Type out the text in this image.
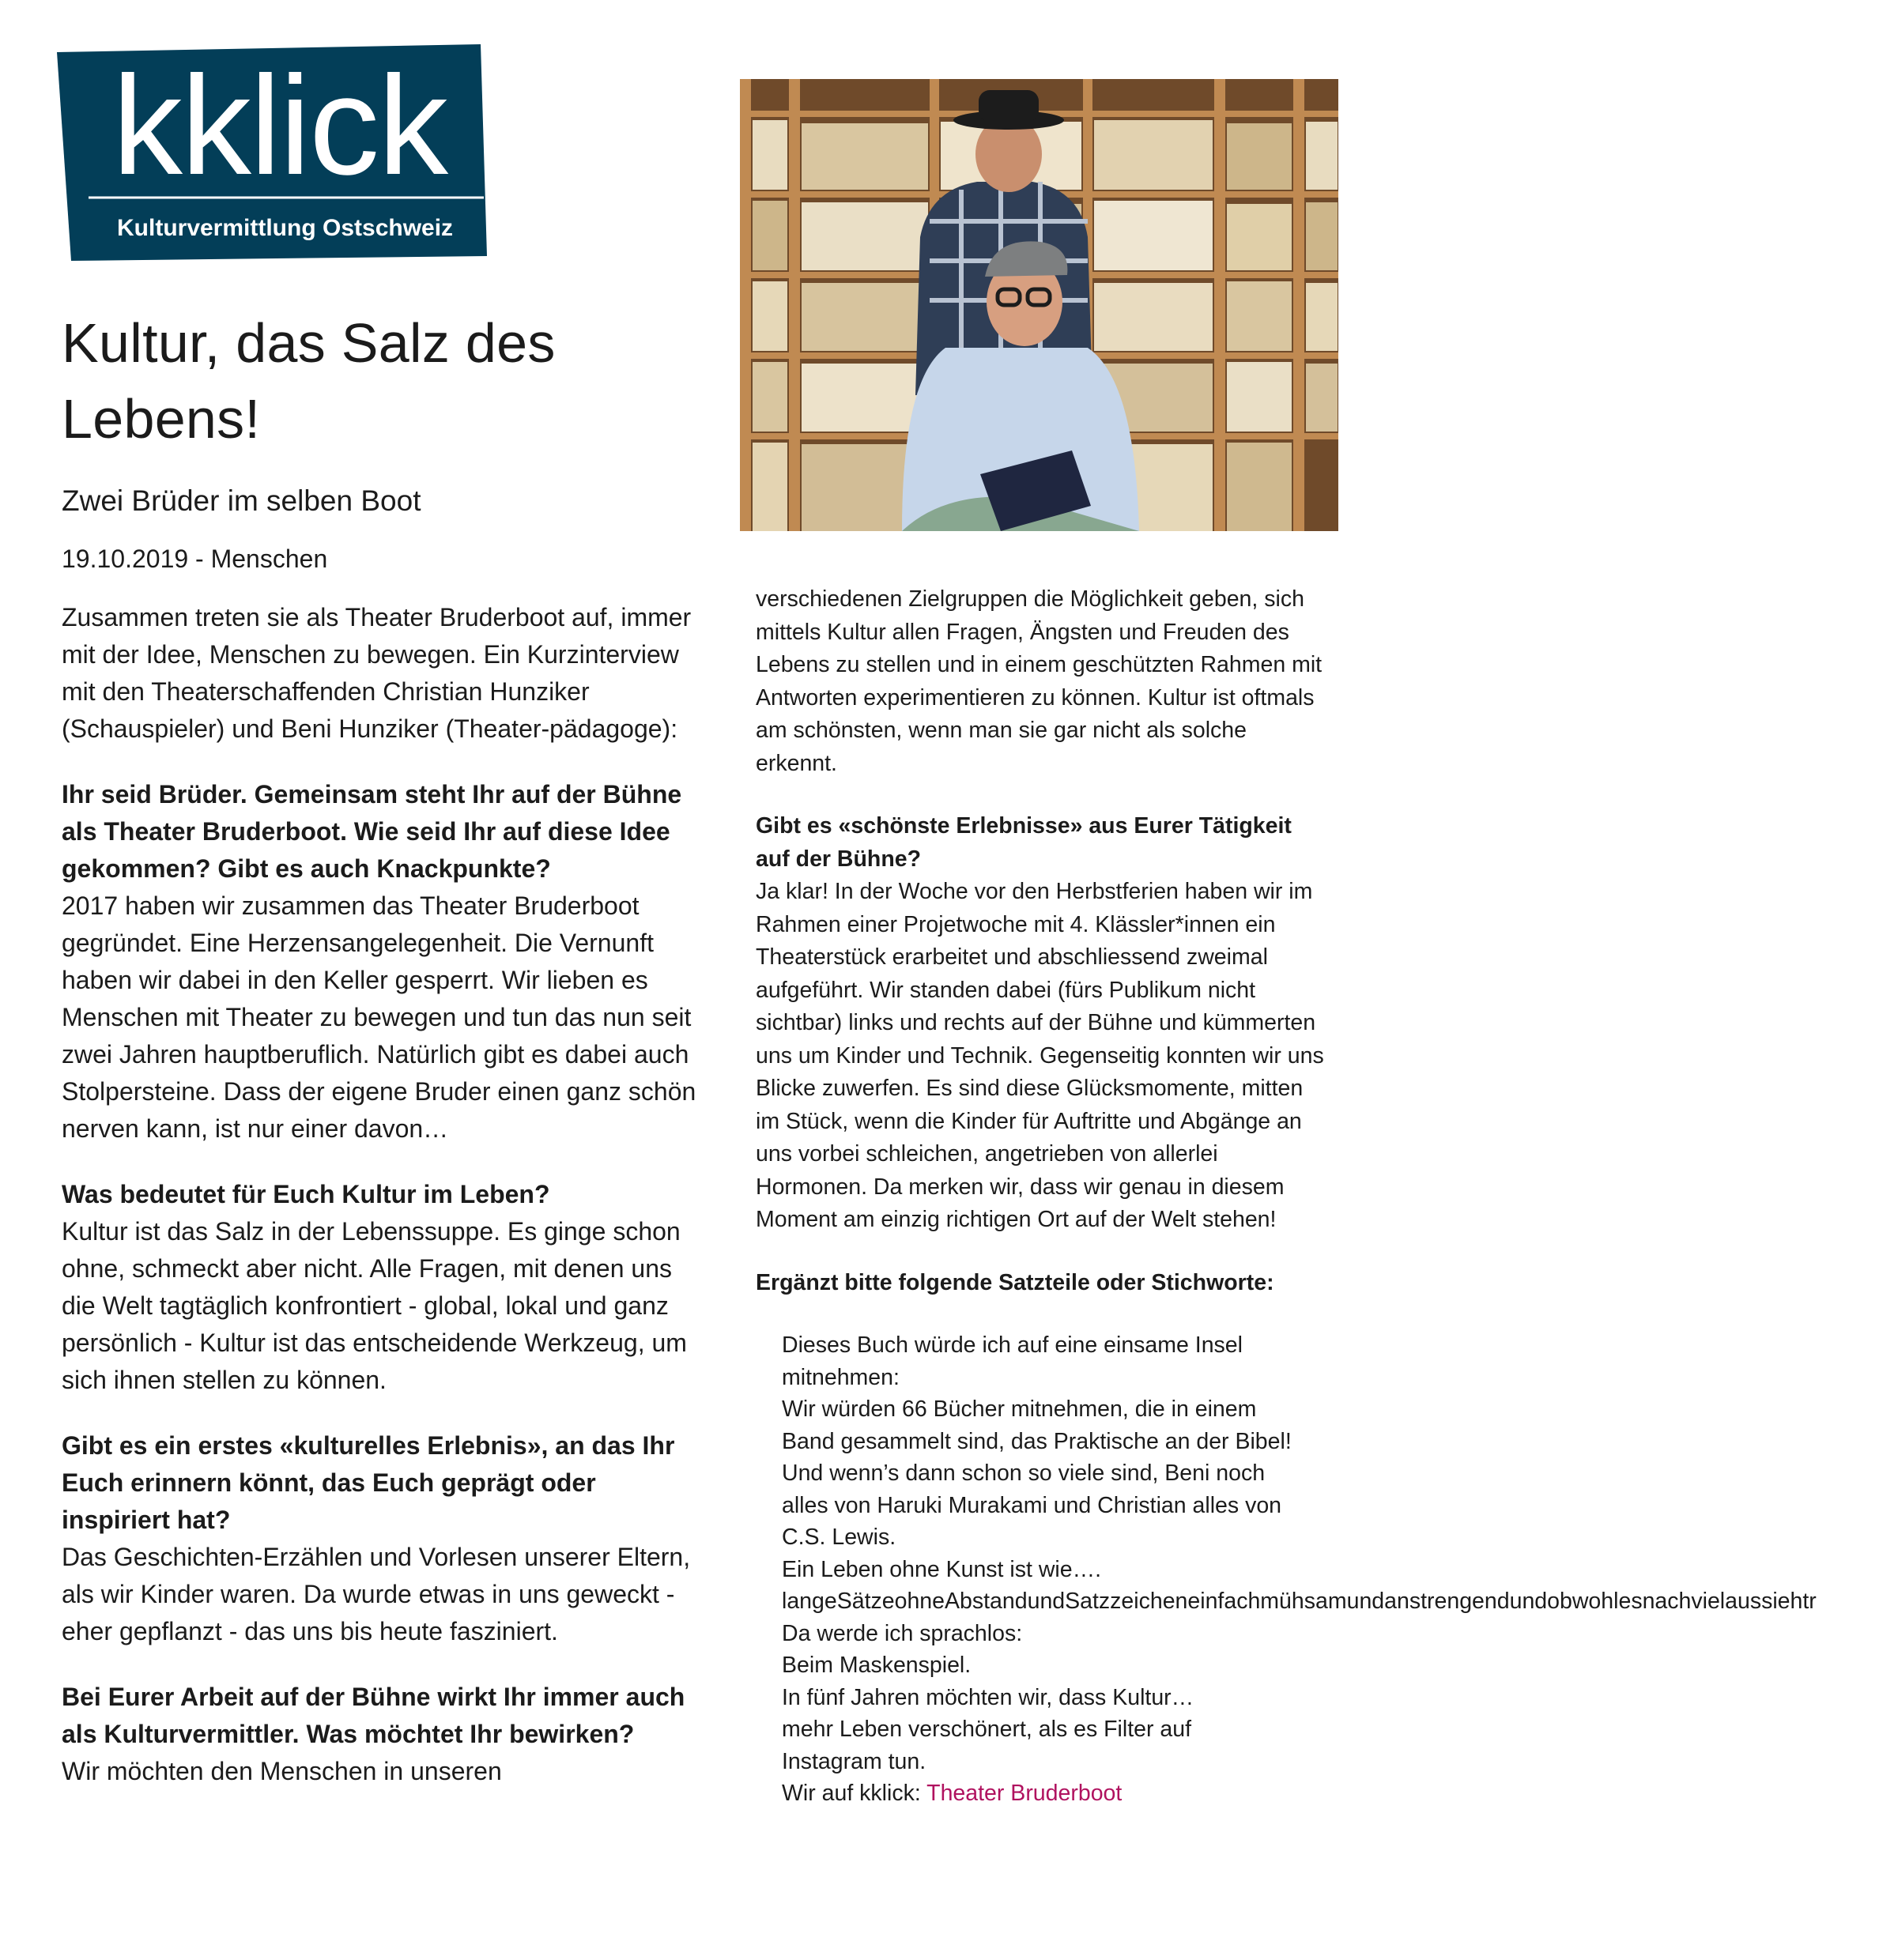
kklick
Kulturvermittlung Ostschweiz
Kultur, das Salz des Lebens!

Zwei Brüder im selben Boot

19.10.2019 - Menschen

Zusammen treten sie als Theater Bruderboot auf, immer mit der Idee, Menschen zu bewegen. Ein Kurzinterview mit den Theaterschaffenden Christian Hunziker (Schauspieler) und Beni Hunziker (Theater-pädagoge):

Ihr seid Brüder. Gemeinsam steht Ihr auf der Bühne als Theater Bruderboot. Wie seid Ihr auf diese Idee gekommen? Gibt es auch Knackpunkte?
2017 haben wir zusammen das Theater Bruderboot gegründet. Eine Herzensangelegenheit. Die Vernunft haben wir dabei in den Keller gesperrt. Wir lieben es Menschen mit Theater zu bewegen und tun das nun seit zwei Jahren hauptberuflich. Natürlich gibt es dabei auch Stolpersteine. Dass der eigene Bruder einen ganz schön nerven kann, ist nur einer davon…
Was bedeutet für Euch Kultur im Leben?
Kultur ist das Salz in der Lebenssuppe. Es ginge schon ohne, schmeckt aber nicht. Alle Fragen, mit denen uns die Welt tagtäglich konfrontiert - global, lokal und ganz persönlich - Kultur ist das entscheidende Werkzeug, um sich ihnen stellen zu können.
Gibt es ein erstes «kulturelles Erlebnis», an das Ihr Euch erinnern könnt, das Euch geprägt oder inspiriert hat?
Das Geschichten-Erzählen und Vorlesen unserer Eltern, als wir Kinder waren. Da wurde etwas in uns geweckt - eher gepflanzt - das uns bis heute fasziniert.
Bei Eurer Arbeit auf der Bühne wirkt Ihr immer auch als Kulturvermittler. Was möchtet Ihr bewirken?
Wir möchten den Menschen in unseren

verschiedenen Zielgruppen die Möglichkeit geben, sich mittels Kultur allen Fragen, Ängsten und Freuden des Lebens zu stellen und in einem geschützten Rahmen mit Antworten experimentieren zu können. Kultur ist oftmals am schönsten, wenn man sie gar nicht als solche erkennt.

Gibt es «schönste Erlebnisse» aus Eurer Tätigkeit auf der Bühne?
Ja klar! In der Woche vor den Herbstferien haben wir im Rahmen einer Projetwoche mit 4. Klässler*innen ein Theaterstück erarbeitet und abschliessend zweimal aufgeführt. Wir standen dabei (fürs Publikum nicht sichtbar) links und rechts auf der Bühne und kümmerten uns um Kinder und Technik. Gegenseitig konnten wir uns Blicke zuwerfen. Es sind diese Glücksmomente, mitten im Stück, wenn die Kinder für Auftritte und Abgänge an uns vorbei schleichen, angetrieben von allerlei Hormonen. Da merken wir, dass wir genau in diesem Moment am einzig richtigen Ort auf der Welt stehen!
Ergänzt bitte folgende Satzteile oder Stichworte:
Dieses Buch würde ich auf eine einsame Insel
mitnehmen:
Wir würden 66 Bücher mitnehmen, die in einem
Band gesammelt sind, das Praktische an der Bibel!
Und wenn’s dann schon so viele sind, Beni noch
alles von Haruki Murakami und Christian alles von
C.S. Lewis.
Ein Leben ohne Kunst ist wie….
langeSätzeohneAbstandundSatzzeicheneinfachmühsamundanstrengendundobwohlesnachvielaussiehtr
Da werde ich sprachlos:
Beim Maskenspiel.
In fünf Jahren möchten wir, dass Kultur…
mehr Leben verschönert, als es Filter auf
Instagram tun.
Wir auf kklick: Theater Bruderboot
